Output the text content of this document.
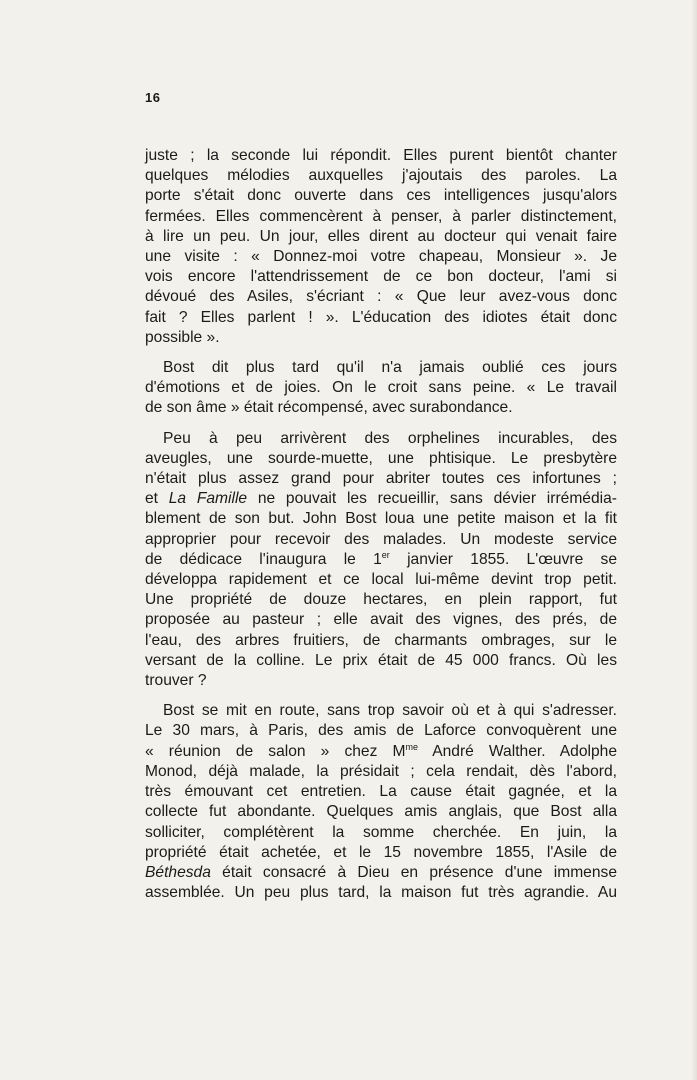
16

juste ; la seconde lui répondit. Elles purent bientôt chanter
quelques mélodies auxquelles j'ajoutais des paroles. La
porte s'était donc ouverte dans ces intelligences jusqu'alors
fermées. Elles commencèrent à penser, à parler distinctement,
à lire un peu. Un jour, elles dirent au docteur qui venait faire
une visite : « Donnez-moi votre chapeau, Monsieur ». Je
vois encore l'attendrissement de ce bon docteur, l'ami si
dévoué des Asiles, s'écriant : « Que leur avez-vous donc
fait ? Elles parlent ! ». L'éducation des idiotes était donc
possible ».

Bost dit plus tard qu'il n'a jamais oublié ces jours
d'émotions et de joies. On le croit sans peine. « Le travail
de son âme » était récompensé, avec surabondance.

Peu à peu arrivèrent des orphelines incurables, des
aveugles, une sourde-muette, une phtisique. Le presbytère
n'était plus assez grand pour abriter toutes ces infortunes ;
et La Famille ne pouvait les recueillir, sans dévier irrémédia-
blement de son but. John Bost loua une petite maison et la fit
approprier pour recevoir des malades. Un modeste service
de dédicace l'inaugura le 1er janvier 1855. L'œuvre se
développa rapidement et ce local lui-même devint trop petit.
Une propriété de douze hectares, en plein rapport, fut
proposée au pasteur ; elle avait des vignes, des prés, de
l'eau, des arbres fruitiers, de charmants ombrages, sur le
versant de la colline. Le prix était de 45 000 francs. Où les
trouver ?

Bost se mit en route, sans trop savoir où et à qui s'adresser.
Le 30 mars, à Paris, des amis de Laforce convoquèrent une
« réunion de salon » chez $M^{me}$ André Walther. Adolphe
Monod, déjà malade, la présidait ; cela rendait, dès l'abord,
très émouvant cet entretien. La cause était gagnée, et la
collecte fut abondante. Quelques amis anglais, que Bost alla
solliciter, complétèrent la somme cherchée. En juin, la
propriété était achetée, et le 15 novembre 1855, l'Asile de
Béthesda était consacré à Dieu en présence d'une immense
assemblée. Un peu plus tard, la maison fut très agrandie. Au
